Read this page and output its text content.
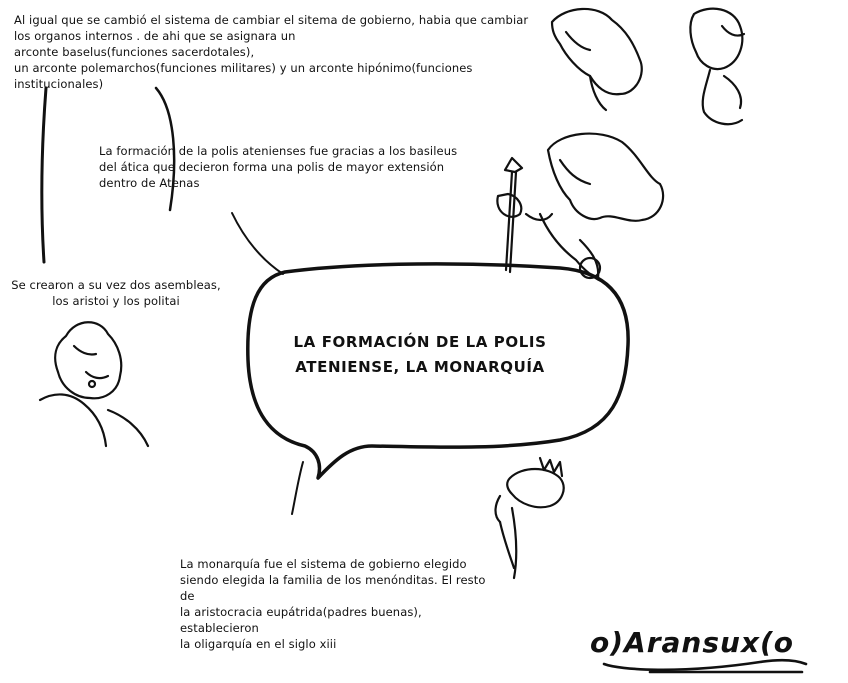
Al igual que se cambió el sistema de cambiar el sitema de gobierno, habia que cambiar
los organos internos . de ahi que se asignara un
arconte baselus(funciones sacerdotales),
un arconte polemarchos(funciones militares) y un arconte hipónimo(funciones institucionales)
La formación de la polis atenienses fue gracias a los basileus
del ática que decieron forma una polis de mayor extensión
dentro de Atenas
Se crearon a su vez dos asembleas,
los aristoi y los politai
La monarquía fue el sistema de gobierno elegido
siendo elegida la familia de los menónditas. El resto de
la aristocracia eupátrida(padres buenas), establecieron
la oligarquía en el siglo xiii
LA FORMACIÓN DE LA POLIS
ATENIENSE, LA MONARQUÍA
o)Aransux(o
